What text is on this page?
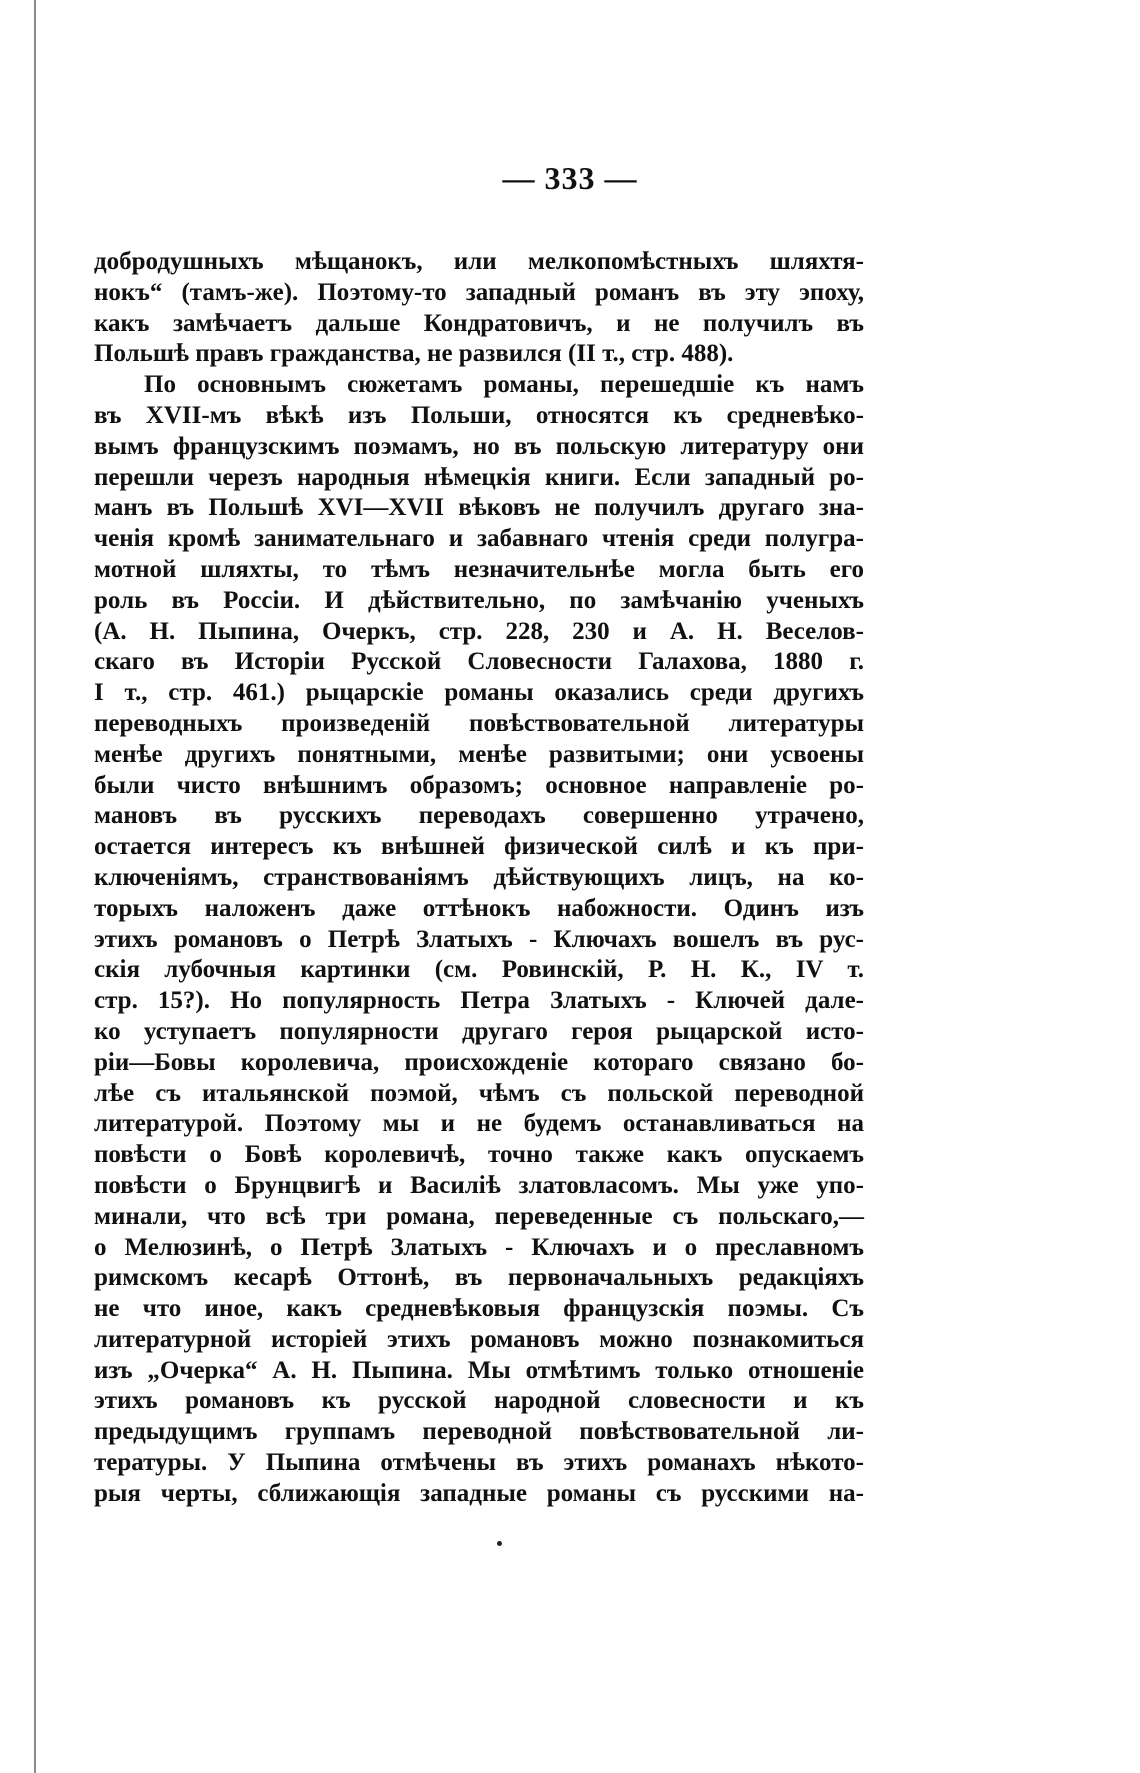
— 333 —
добродушныхъ мѣщанокъ, или мелкопомѣстныхъ шляхтя-
нокъ“ (тамъ-же). Поэтому-то западный романъ въ эту эпоху,
какъ замѣчаетъ дальше Кондратовичъ, и не получилъ въ
Польшѣ правъ гражданства, не развился (II т., стр. 488).
По основнымъ сюжетамъ романы, перешедшіе къ намъ
въ XVII-мъ вѣкѣ изъ Польши, относятся къ средневѣко-
вымъ французскимъ поэмамъ, но въ польскую литературу они
перешли черезъ народныя нѣмецкія книги. Если западный ро-
манъ въ Польшѣ XVI—XVII вѣковъ не получилъ другаго зна-
ченія кромѣ занимательнаго и забавнаго чтенія среди полугра-
мотной шляхты, то тѣмъ незначительнѣе могла быть его
роль въ Россіи. И дѣйствительно, по замѣчанію ученыхъ
(А. Н. Пыпина, Очеркъ, стр. 228, 230 и А. Н. Веселов-
скаго въ Исторіи Русской Словесности Галахова, 1880 г.
I т., стр. 461.) рыцарскіе романы оказались среди другихъ
переводныхъ произведеній повѣствовательной литературы
менѣе другихъ понятными, менѣе развитыми; они усвоены
были чисто внѣшнимъ образомъ; основное направленіе ро-
мановъ въ русскихъ переводахъ совершенно утрачено,
остается интересъ къ внѣшней физической силѣ и къ при-
ключеніямъ, странствованіямъ дѣйствующихъ лицъ, на ко-
торыхъ наложенъ даже оттѣнокъ набожности. Одинъ изъ
этихъ романовъ о Петрѣ Златыхъ - Ключахъ вошелъ въ рус-
скія лубочныя картинки (см. Ровинскій, Р. Н. К., IV т.
стр. 15?). Но популярность Петра Златыхъ - Ключей дале-
ко уступаетъ популярности другаго героя рыцарской исто-
ріи—Бовы королевича, происхожденіе котораго связано бо-
лѣе съ итальянской поэмой, чѣмъ съ польской переводной
литературой. Поэтому мы и не будемъ останавливаться на
повѣсти о Бовѣ королевичѣ, точно также какъ опускаемъ
повѣсти о Брунцвигѣ и Василіѣ златовласомъ. Мы уже упо-
минали, что всѣ три романа, переведенные съ польскаго,—
о Мелюзинѣ, о Петрѣ Златыхъ - Ключахъ и о преславномъ
римскомъ кесарѣ Оттонѣ, въ первоначальныхъ редакціяхъ
не что иное, какъ средневѣковыя французскія поэмы. Съ
литературной исторіей этихъ романовъ можно познакомиться
изъ „Очерка“ А. Н. Пыпина. Мы отмѣтимъ только отношеніе
этихъ романовъ къ русской народной словесности и къ
предыдущимъ группамъ переводной повѣствовательной ли-
тературы. У Пыпина отмѣчены въ этихъ романахъ нѣкото-
рыя черты, сближающія западные романы съ русскими на-
